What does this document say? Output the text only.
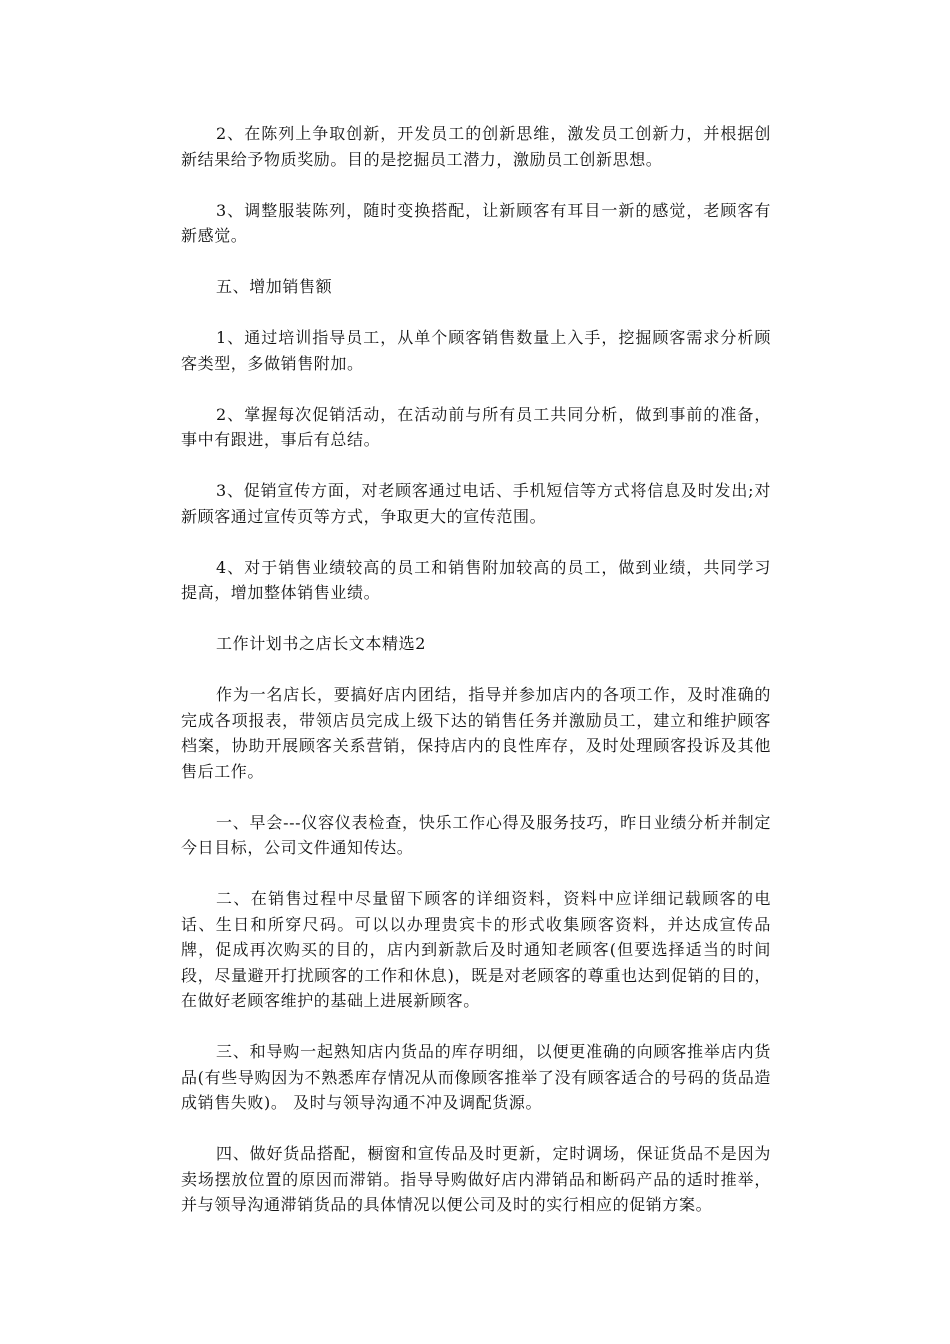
2、在陈列上争取创新，开发员工的创新思维，激发员工创新力，并根据创新结果给予物质奖励。目的是挖掘员工潜力，激励员工创新思想。

3、调整服装陈列，随时变换搭配，让新顾客有耳目一新的感觉，老顾客有新感觉。

五、增加销售额

1、通过培训指导员工，从单个顾客销售数量上入手，挖掘顾客需求分析顾客类型，多做销售附加。

2、掌握每次促销活动，在活动前与所有员工共同分析，做到事前的准备，事中有跟进，事后有总结。

3、促销宣传方面，对老顾客通过电话、手机短信等方式将信息及时发出;对新顾客通过宣传页等方式，争取更大的宣传范围。

4、对于销售业绩较高的员工和销售附加较高的员工，做到业绩，共同学习提高，增加整体销售业绩。

工作计划书之店长文本精选2

作为一名店长，要搞好店内团结，指导并参加店内的各项工作，及时准确的完成各项报表，带领店员完成上级下达的销售任务并激励员工，建立和维护顾客档案，协助开展顾客关系营销，保持店内的良性库存，及时处理顾客投诉及其他售后工作。

一、早会---仪容仪表检查，快乐工作心得及服务技巧，昨日业绩分析并制定今日目标，公司文件通知传达。

二、在销售过程中尽量留下顾客的详细资料，资料中应详细记载顾客的电话、生日和所穿尺码。可以以办理贵宾卡的形式收集顾客资料，并达成宣传品牌，促成再次购买的目的，店内到新款后及时通知老顾客(但要选择适当的时间段，尽量避开打扰顾客的工作和休息)，既是对老顾客的尊重也达到促销的目的，在做好老顾客维护的基础上进展新顾客。

三、和导购一起熟知店内货品的库存明细，以便更准确的向顾客推举店内货品(有些导购因为不熟悉库存情况从而像顾客推举了没有顾客适合的号码的货品造成销售失败)。 及时与领导沟通不冲及调配货源。

四、做好货品搭配，橱窗和宣传品及时更新，定时调场，保证货品不是因为卖场摆放位置的原因而滞销。指导导购做好店内滞销品和断码产品的适时推举，并与领导沟通滞销货品的具体情况以便公司及时的实行相应的促销方案。
